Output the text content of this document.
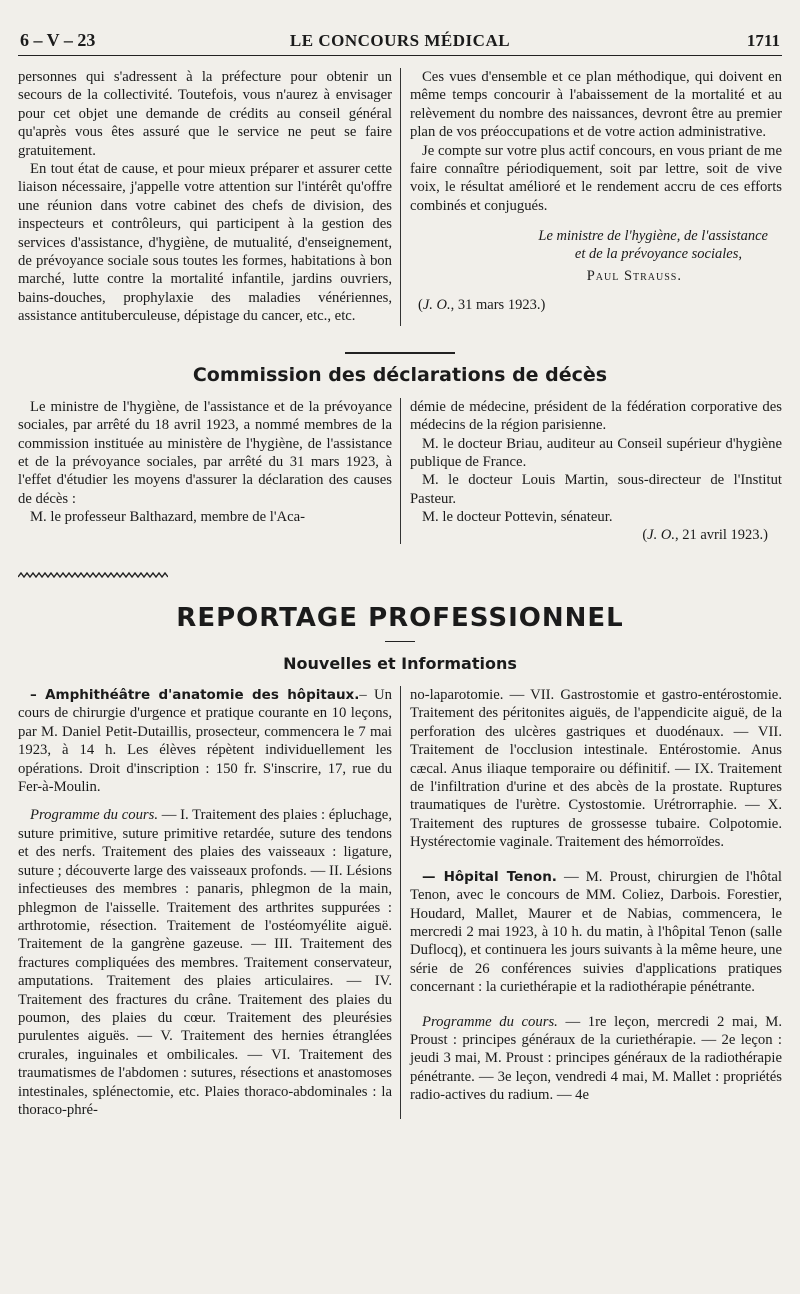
6 – V – 23	LE CONCOURS MÉDICAL	1711

personnes qui s'adressent à la préfecture pour obtenir un secours de la collectivité. Toutefois, vous n'aurez à envisager pour cet objet une demande de crédits au conseil général qu'après vous êtes assuré que le service ne peut se faire gratuitement.

En tout état de cause, et pour mieux préparer et assurer cette liaison nécessaire, j'appelle votre attention sur l'intérêt qu'offre une réunion dans votre cabinet des chefs de division, des inspecteurs et contrôleurs, qui participent à la gestion des services d'assistance, d'hygiène, de mutualité, d'enseignement, de prévoyance sociale sous toutes les formes, habitations à bon marché, lutte contre la mortalité infantile, jardins ouvriers, bains-douches, prophylaxie des maladies vénériennes, assistance antituberculeuse, dépistage du cancer, etc., etc.

Ces vues d'ensemble et ce plan méthodique, qui doivent en même temps concourir à l'abaissement de la mortalité et au relèvement du nombre des naissances, devront être au premier plan de vos préoccupations et de votre action administrative.

Je compte sur votre plus actif concours, en vous priant de me faire connaître périodiquement, soit par lettre, soit de vive voix, le résultat amélioré et le rendement accru de ces efforts combinés et conjugués.

Le ministre de l'hygiène, de l'assistance
et de la prévoyance sociales,
Paul Strauss.
(J. O., 31 mars 1923.)
Commission des déclarations de décès

Le ministre de l'hygiène, de l'assistance et de la prévoyance sociales, par arrêté du 18 avril 1923, a nommé membres de la commission instituée au ministère de l'hygiène, de l'assistance et de la prévoyance sociales, par arrêté du 31 mars 1923, à l'effet d'étudier les moyens d'assurer la déclaration des causes de décès :

M. le professeur Balthazard, membre de l'Aca-

démie de médecine, président de la fédération corporative des médecins de la région parisienne.

M. le docteur Briau, auditeur au Conseil supérieur d'hygiène publique de France.

M. le docteur Louis Martin, sous-directeur de l'Institut Pasteur.

M. le docteur Pottevin, sénateur.

(J. O., 21 avril 1923.)
REPORTAGE PROFESSIONNEL
Nouvelles et Informations

– Amphithéâtre d'anatomie des hôpitaux.– Un cours de chirurgie d'urgence et pratique courante en 10 leçons, par M. Daniel Petit-Dutaillis, prosecteur, commencera le 7 mai 1923, à 14 h. Les élèves répètent individuellement les opérations. Droit d'inscription : 150 fr. S'inscrire, 17, rue du Fer-à-Moulin.

Programme du cours. — I. Traitement des plaies : épluchage, suture primitive, suture primitive retardée, suture des tendons et des nerfs. Traitement des plaies des vaisseaux : ligature, suture ; découverte large des vaisseaux profonds. — II. Lésions infectieuses des membres : panaris, phlegmon de la main, phlegmon de l'aisselle. Traitement des arthrites suppurées : arthrotomie, résection. Traitement de l'ostéomyélite aiguë. Traitement de la gangrène gazeuse. — III. Traitement des fractures compliquées des membres. Traitement conservateur, amputations. Traitement des plaies articulaires. — IV. Traitement des fractures du crâne. Traitement des plaies du poumon, des plaies du cœur. Traitement des pleurésies purulentes aiguës. — V. Traitement des hernies étranglées crurales, inguinales et ombilicales. — VI. Traitement des traumatismes de l'abdomen : sutures, résections et anastomoses intestinales, splénectomie, etc. Plaies thoraco-abdominales : la thoraco-phré-

no-laparotomie. — VII. Gastrostomie et gastro-entérostomie. Traitement des péritonites aiguës, de l'appendicite aiguë, de la perforation des ulcères gastriques et duodénaux. — VII. Traitement de l'occlusion intestinale. Entérostomie. Anus cæcal. Anus iliaque temporaire ou définitif. — IX. Traitement de l'infiltration d'urine et des abcès de la prostate. Ruptures traumatiques de l'urètre. Cystostomie. Urétrorraphie. — X. Traitement des ruptures de grossesse tubaire. Colpotomie. Hystérectomie vaginale. Traitement des hémorroïdes.

— Hôpital Tenon. — M. Proust, chirurgien de l'hôtal Tenon, avec le concours de MM. Coliez, Darbois. Forestier, Houdard, Mallet, Maurer et de Nabias, commencera, le mercredi 2 mai 1923, à 10 h. du matin, à l'hôpital Tenon (salle Duflocq), et continuera les jours suivants à la même heure, une série de 26 conférences suivies d'applications pratiques concernant : la curiethérapie et la radiothérapie pénétrante.

Programme du cours. — 1re leçon, mercredi 2 mai, M. Proust : principes généraux de la curiethérapie. — 2e leçon : jeudi 3 mai, M. Proust : principes généraux de la radiothérapie pénétrante. — 3e leçon, vendredi 4 mai, M. Mallet : propriétés radio-actives du radium. — 4e
